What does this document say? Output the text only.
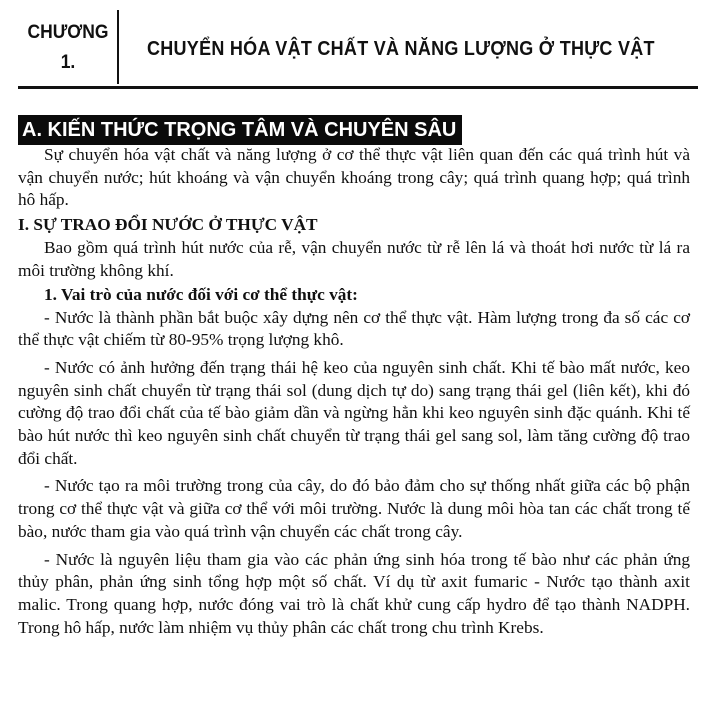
CHƯƠNG
1.
CHUYỂN HÓA VẬT CHẤT VÀ NĂNG LƯỢNG Ở THỰC VẬT
A. KIẾN THỨC TRỌNG TÂM VÀ CHUYÊN SÂU

Sự chuyển hóa vật chất và năng lượng ở cơ thể thực vật liên quan đến các quá trình hút và vận chuyển nước; hút khoáng và vận chuyển khoáng trong cây; quá trình quang hợp; quá trình hô hấp.

I. SỰ TRAO ĐỔI NƯỚC Ở THỰC VẬT

Bao gồm quá trình hút nước của rễ, vận chuyển nước từ rễ lên lá và thoát hơi nước từ lá ra môi trường không khí.

1. Vai trò của nước đối với cơ thể thực vật:

- Nước là thành phần bắt buộc xây dựng nên cơ thể thực vật. Hàm lượng trong đa số các cơ thể thực vật chiếm từ 80-95% trọng lượng khô.

- Nước có ảnh hưởng đến trạng thái hệ keo của nguyên sinh chất. Khi tế bào mất nước, keo nguyên sinh chất chuyển từ trạng thái sol (dung dịch tự do) sang trạng thái gel (liên kết), khi đó cường độ trao đổi chất của tế bào giảm dần và ngừng hẳn khi keo nguyên sinh đặc quánh. Khi tế bào hút nước thì keo nguyên sinh chất chuyển từ trạng thái gel sang sol, làm tăng cường độ trao đổi chất.

- Nước tạo ra môi trường trong của cây, do đó bảo đảm cho sự thống nhất giữa các bộ phận trong cơ thể thực vật và giữa cơ thể với môi trường. Nước là dung môi hòa tan các chất trong tế bào, nước tham gia vào quá trình vận chuyển các chất trong cây.

- Nước là nguyên liệu tham gia vào các phản ứng sinh hóa trong tế bào như các phản ứng thủy phân, phản ứng sinh tổng hợp một số chất. Ví dụ từ axit fumaric - Nước tạo thành axit malic. Trong quang hợp, nước đóng vai trò là chất khử cung cấp hydro để tạo thành NADPH. Trong hô hấp, nước làm nhiệm vụ thủy phân các chất trong chu trình Krebs.
